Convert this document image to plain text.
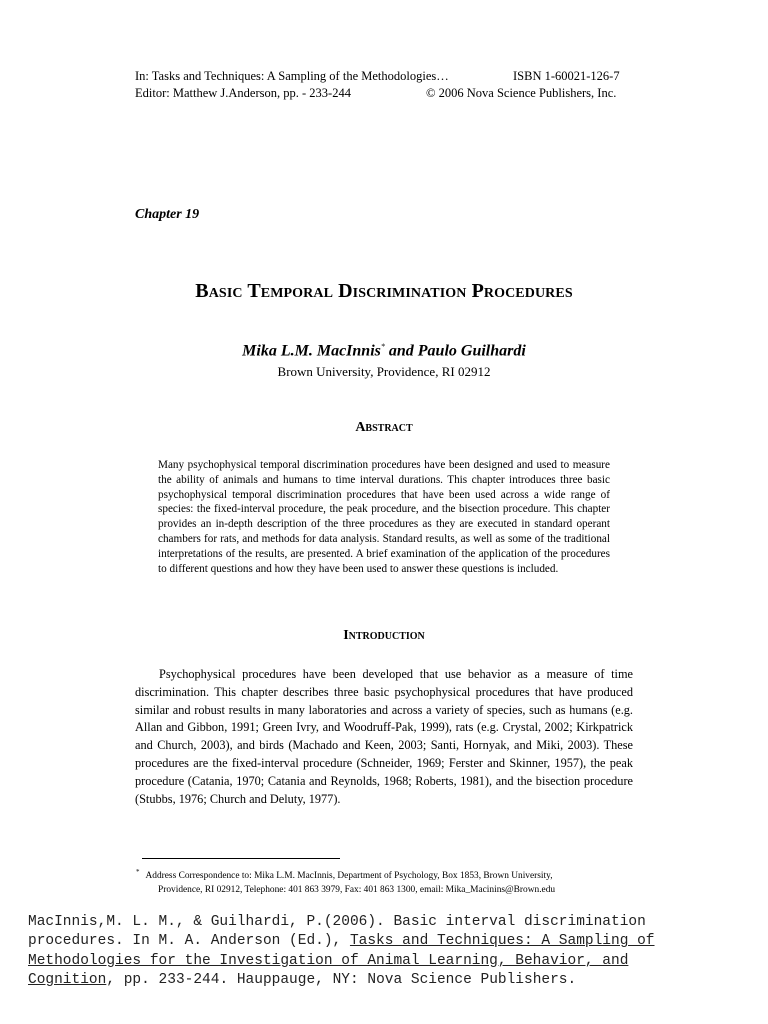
In: Tasks and Techniques: A Sampling of the Methodologies…	ISBN 1-60021-126-7
Editor: Matthew J.Anderson, pp. - 233-244	© 2006 Nova Science Publishers, Inc.
Chapter 19
Basic Temporal Discrimination Procedures
Mika L.M. MacInnis* and Paulo Guilhardi
Brown University, Providence, RI 02912
Abstract
Many psychophysical temporal discrimination procedures have been designed and used to measure the ability of animals and humans to time interval durations. This chapter introduces three basic psychophysical temporal discrimination procedures that have been used across a wide range of species: the fixed-interval procedure, the peak procedure, and the bisection procedure. This chapter provides an in-depth description of the three procedures as they are executed in standard operant chambers for rats, and methods for data analysis. Standard results, as well as some of the traditional interpretations of the results, are presented. A brief examination of the application of the procedures to different questions and how they have been used to answer these questions is included.
Introduction
Psychophysical procedures have been developed that use behavior as a measure of time discrimination. This chapter describes three basic psychophysical procedures that have produced similar and robust results in many laboratories and across a variety of species, such as humans (e.g. Allan and Gibbon, 1991; Green Ivry, and Woodruff-Pak, 1999), rats (e.g. Crystal, 2002; Kirkpatrick and Church, 2003), and birds (Machado and Keen, 2003; Santi, Hornyak, and Miki, 2003). These procedures are the fixed-interval procedure (Schneider, 1969; Ferster and Skinner, 1957), the peak procedure (Catania, 1970; Catania and Reynolds, 1968; Roberts, 1981), and the bisection procedure (Stubbs, 1976; Church and Deluty, 1977).
* Address Correspondence to: Mika L.M. MacInnis, Department of Psychology, Box 1853, Brown University,
Providence, RI 02912, Telephone: 401 863 3979, Fax: 401 863 1300, email: Mika_Macinins@Brown.edu
MacInnis,M. L. M., & Guilhardi, P.(2006). Basic interval discrimination
procedures. In M. A. Anderson (Ed.), Tasks and Techniques: A Sampling of
Methodologies for the Investigation of Animal Learning, Behavior, and
Cognition, pp. 233-244. Hauppauge, NY: Nova Science Publishers.
